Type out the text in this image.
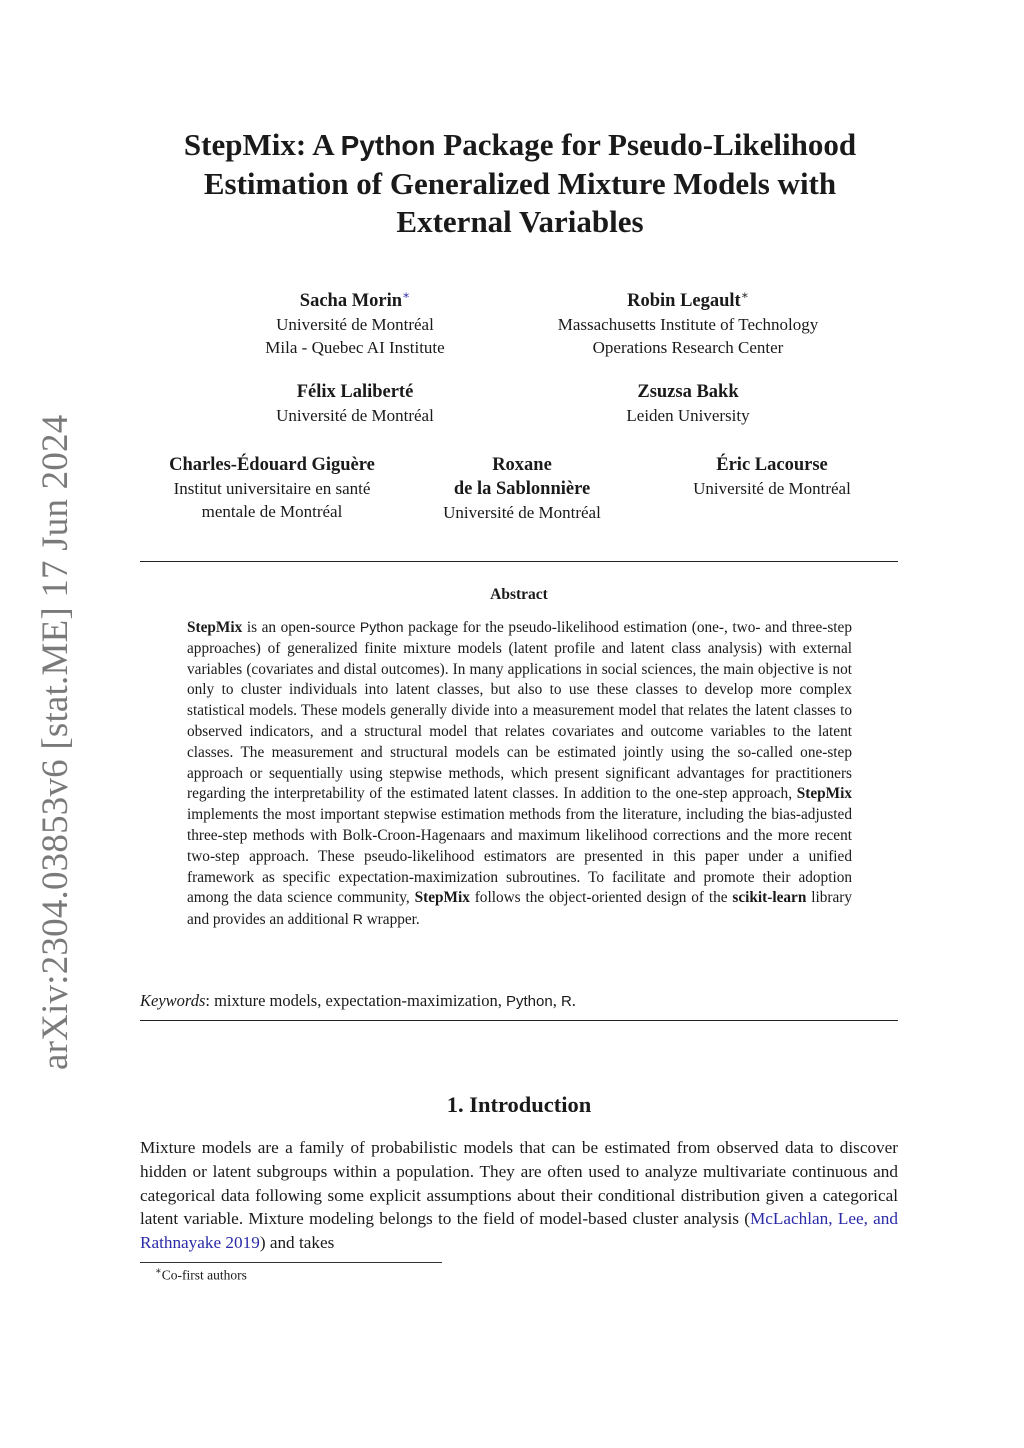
arXiv:2304.03853v6 [stat.ME] 17 Jun 2024
StepMix: A Python Package for Pseudo-Likelihood
Estimation of Generalized Mixture Models with
External Variables
Sacha Morin∗
Université de Montréal
Mila - Quebec AI Institute
Robin Legault∗
Massachusetts Institute of Technology
Operations Research Center
Félix Laliberté
Université de Montréal
Zsuzsa Bakk
Leiden University
Charles-Édouard Giguère
Institut universitaire en santé
mentale de Montréal
Roxane
de la Sablonnière
Université de Montréal
Éric Lacourse
Université de Montréal
Abstract
StepMix is an open-source Python package for the pseudo-likelihood estimation (one-, two- and three-step approaches) of generalized finite mixture models (latent profile and latent class analysis) with external variables (covariates and distal outcomes). In many applications in social sciences, the main objective is not only to cluster individuals into latent classes, but also to use these classes to develop more complex statistical models. These models generally divide into a measurement model that relates the latent classes to observed indicators, and a structural model that relates covariates and outcome variables to the latent classes. The measurement and structural models can be estimated jointly using the so-called one-step approach or sequentially using stepwise methods, which present significant advantages for practitioners regarding the interpretability of the estimated latent classes. In addition to the one-step approach, StepMix implements the most important stepwise estimation methods from the literature, including the bias-adjusted three-step methods with Bolk-Croon-Hagenaars and maximum likelihood corrections and the more recent two-step approach. These pseudo-likelihood estimators are presented in this paper under a unified framework as specific expectation-maximization subroutines. To facilitate and promote their adoption among the data science community, StepMix follows the object-oriented design of the scikit-learn library and provides an additional R wrapper.
Keywords: mixture models, expectation-maximization, Python, R.
1. Introduction
Mixture models are a family of probabilistic models that can be estimated from observed data to discover hidden or latent subgroups within a population. They are often used to analyze multivariate continuous and categorical data following some explicit assumptions about their conditional distribution given a categorical latent variable. Mixture modeling belongs to the field of model-based cluster analysis (McLachlan, Lee, and Rathnayake 2019) and takes
∗Co-first authors
